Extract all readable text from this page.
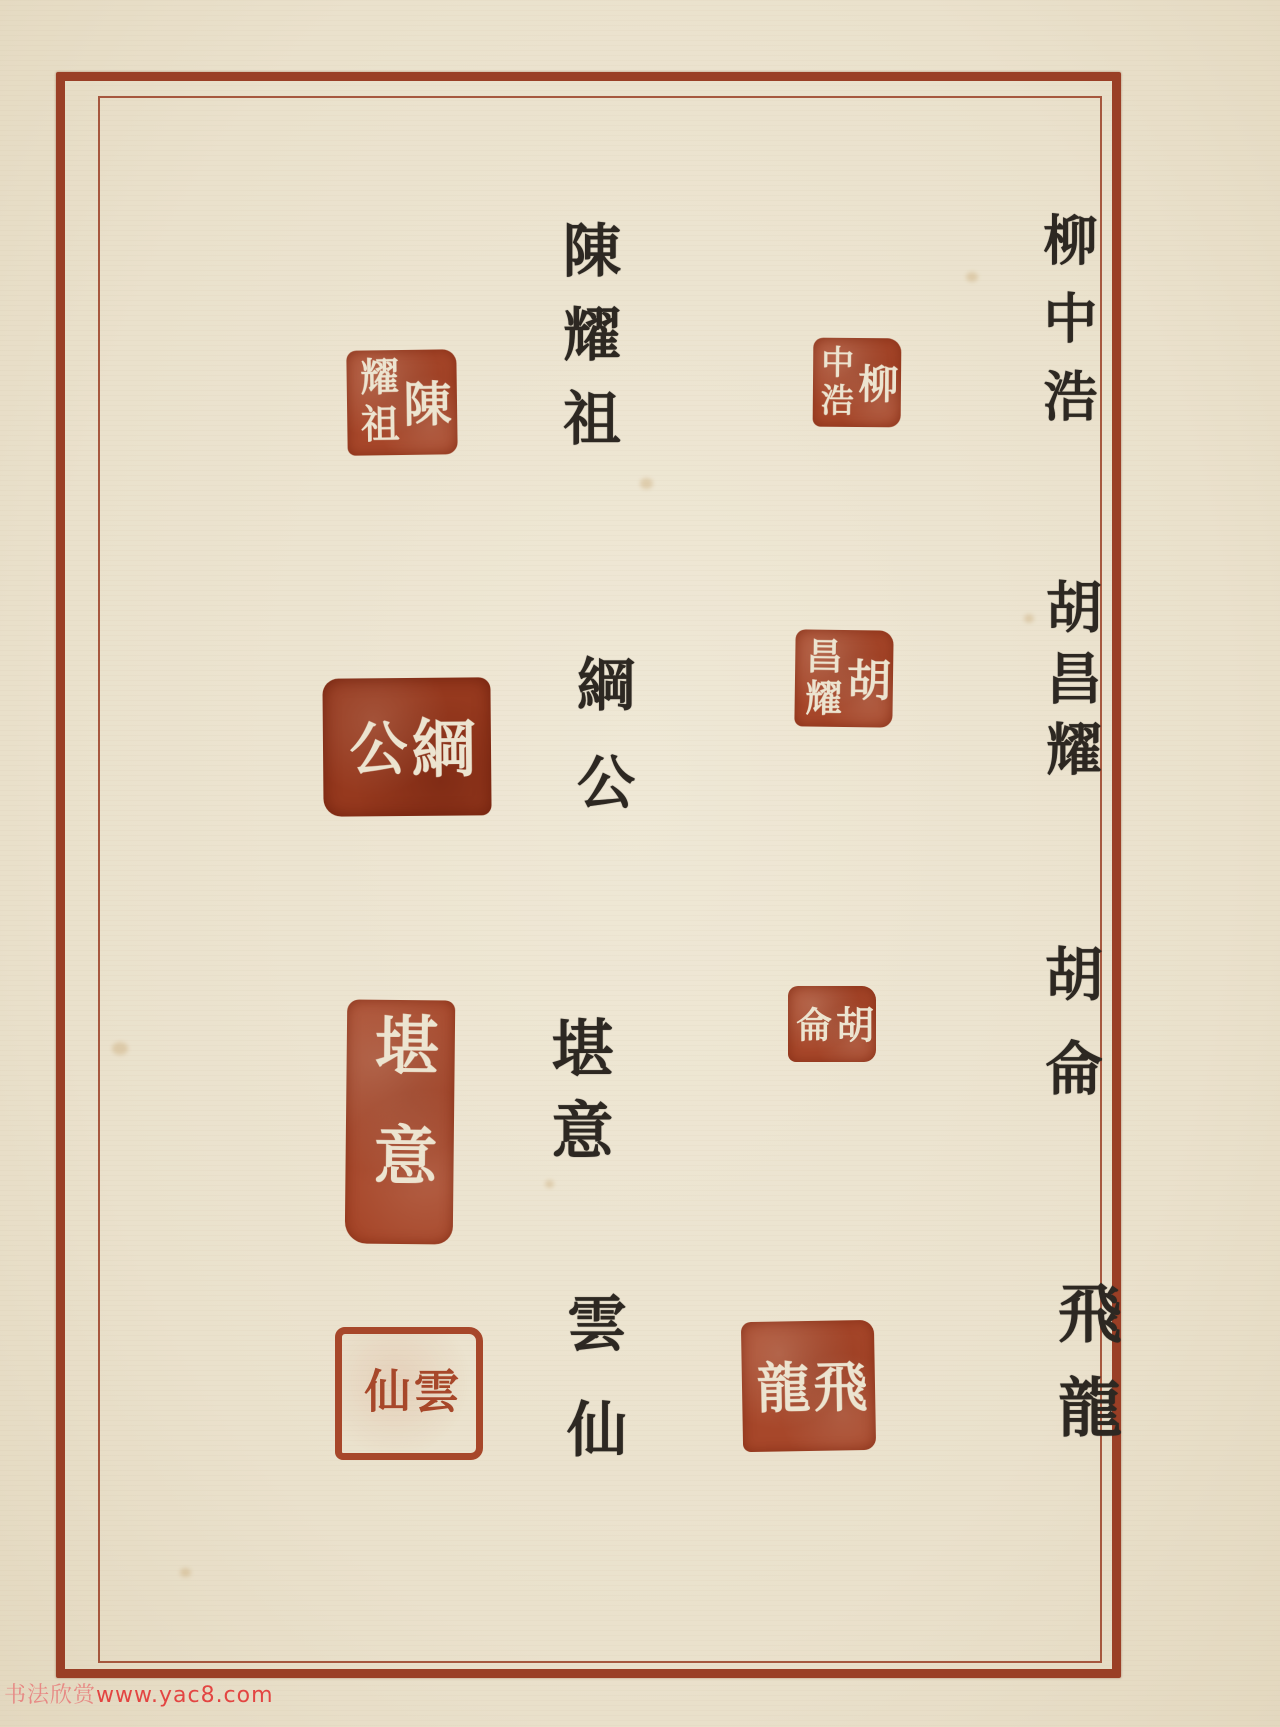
柳中浩
胡昌耀
胡侖
飛龍
陳耀祖
綱公
堪意
雲仙
柳
中浩
胡
昌耀
胡
侖
飛
龍
陳
耀祖
綱
公
堪意
雲
仙
书法欣赏www.yac8.com
